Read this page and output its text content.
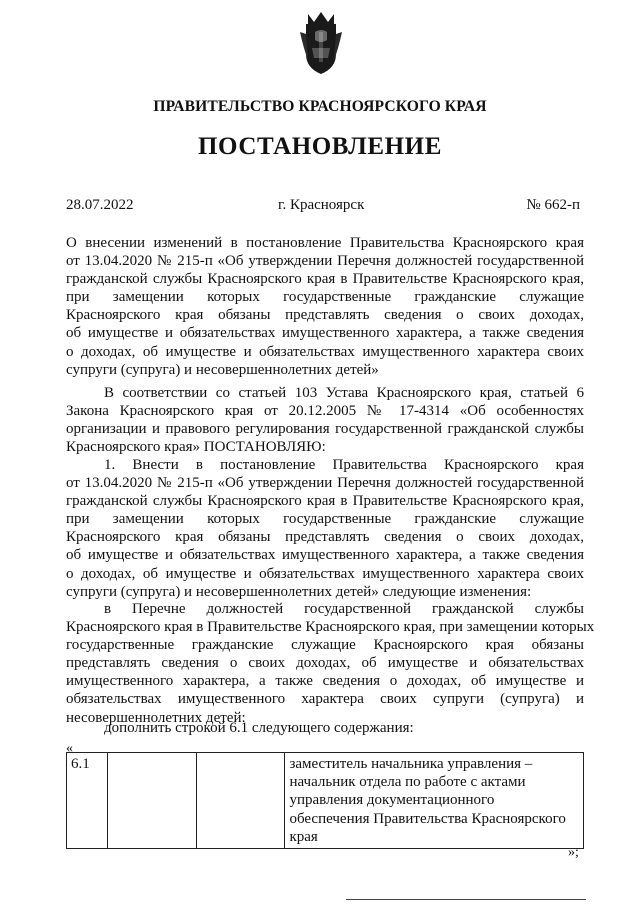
ПРАВИТЕЛЬСТВО КРАСНОЯРСКОГО КРАЯ
ПОСТАНОВЛЕНИЕ
28.07.2022	г. Красноярск	№ 662-п
О внесении изменений в постановление Правительства Красноярского края
от 13.04.2020 № 215-п «Об утверждении Перечня должностей государственной
гражданской службы Красноярского края в Правительстве Красноярского края,
при замещении которых государственные гражданские служащие
Красноярского края обязаны представлять сведения о своих доходах,
об имуществе и обязательствах имущественного характера, а также сведения
о доходах, об имуществе и обязательствах имущественного характера своих
супруги (супруга) и несовершеннолетних детей»
В соответствии со статьей 103 Устава Красноярского края, статьей 6
Закона Красноярского края от 20.12.2005 № 17-4314 «Об особенностях
организации и правового регулирования государственной гражданской службы
Красноярского края» ПОСТАНОВЛЯЮ:
1. Внести в постановление Правительства Красноярского края
от 13.04.2020 № 215-п «Об утверждении Перечня должностей государственной
гражданской службы Красноярского края в Правительстве Красноярского края,
при замещении которых государственные гражданские служащие
Красноярского края обязаны представлять сведения о своих доходах,
об имуществе и обязательствах имущественного характера, а также сведения
о доходах, об имуществе и обязательствах имущественного характера своих
супруги (супруга) и несовершеннолетних детей» следующие изменения:
в Перечне должностей государственной гражданской службы
Красноярского края в Правительстве Красноярского края, при замещении которых
государственные гражданские служащие Красноярского края обязаны
представлять сведения о своих доходах, об имуществе и обязательствах
имущественного характера, а также сведения о доходах, об имуществе и
обязательствах имущественного характера своих супруги (супруга) и
несовершеннолетних детей:
дополнить строкой 6.1 следующего содержания:
«
6.1			заместитель начальника управления –
начальник отдела по работе с актами
управления документационного
обеспечения Правительства Красноярского
края
»;
